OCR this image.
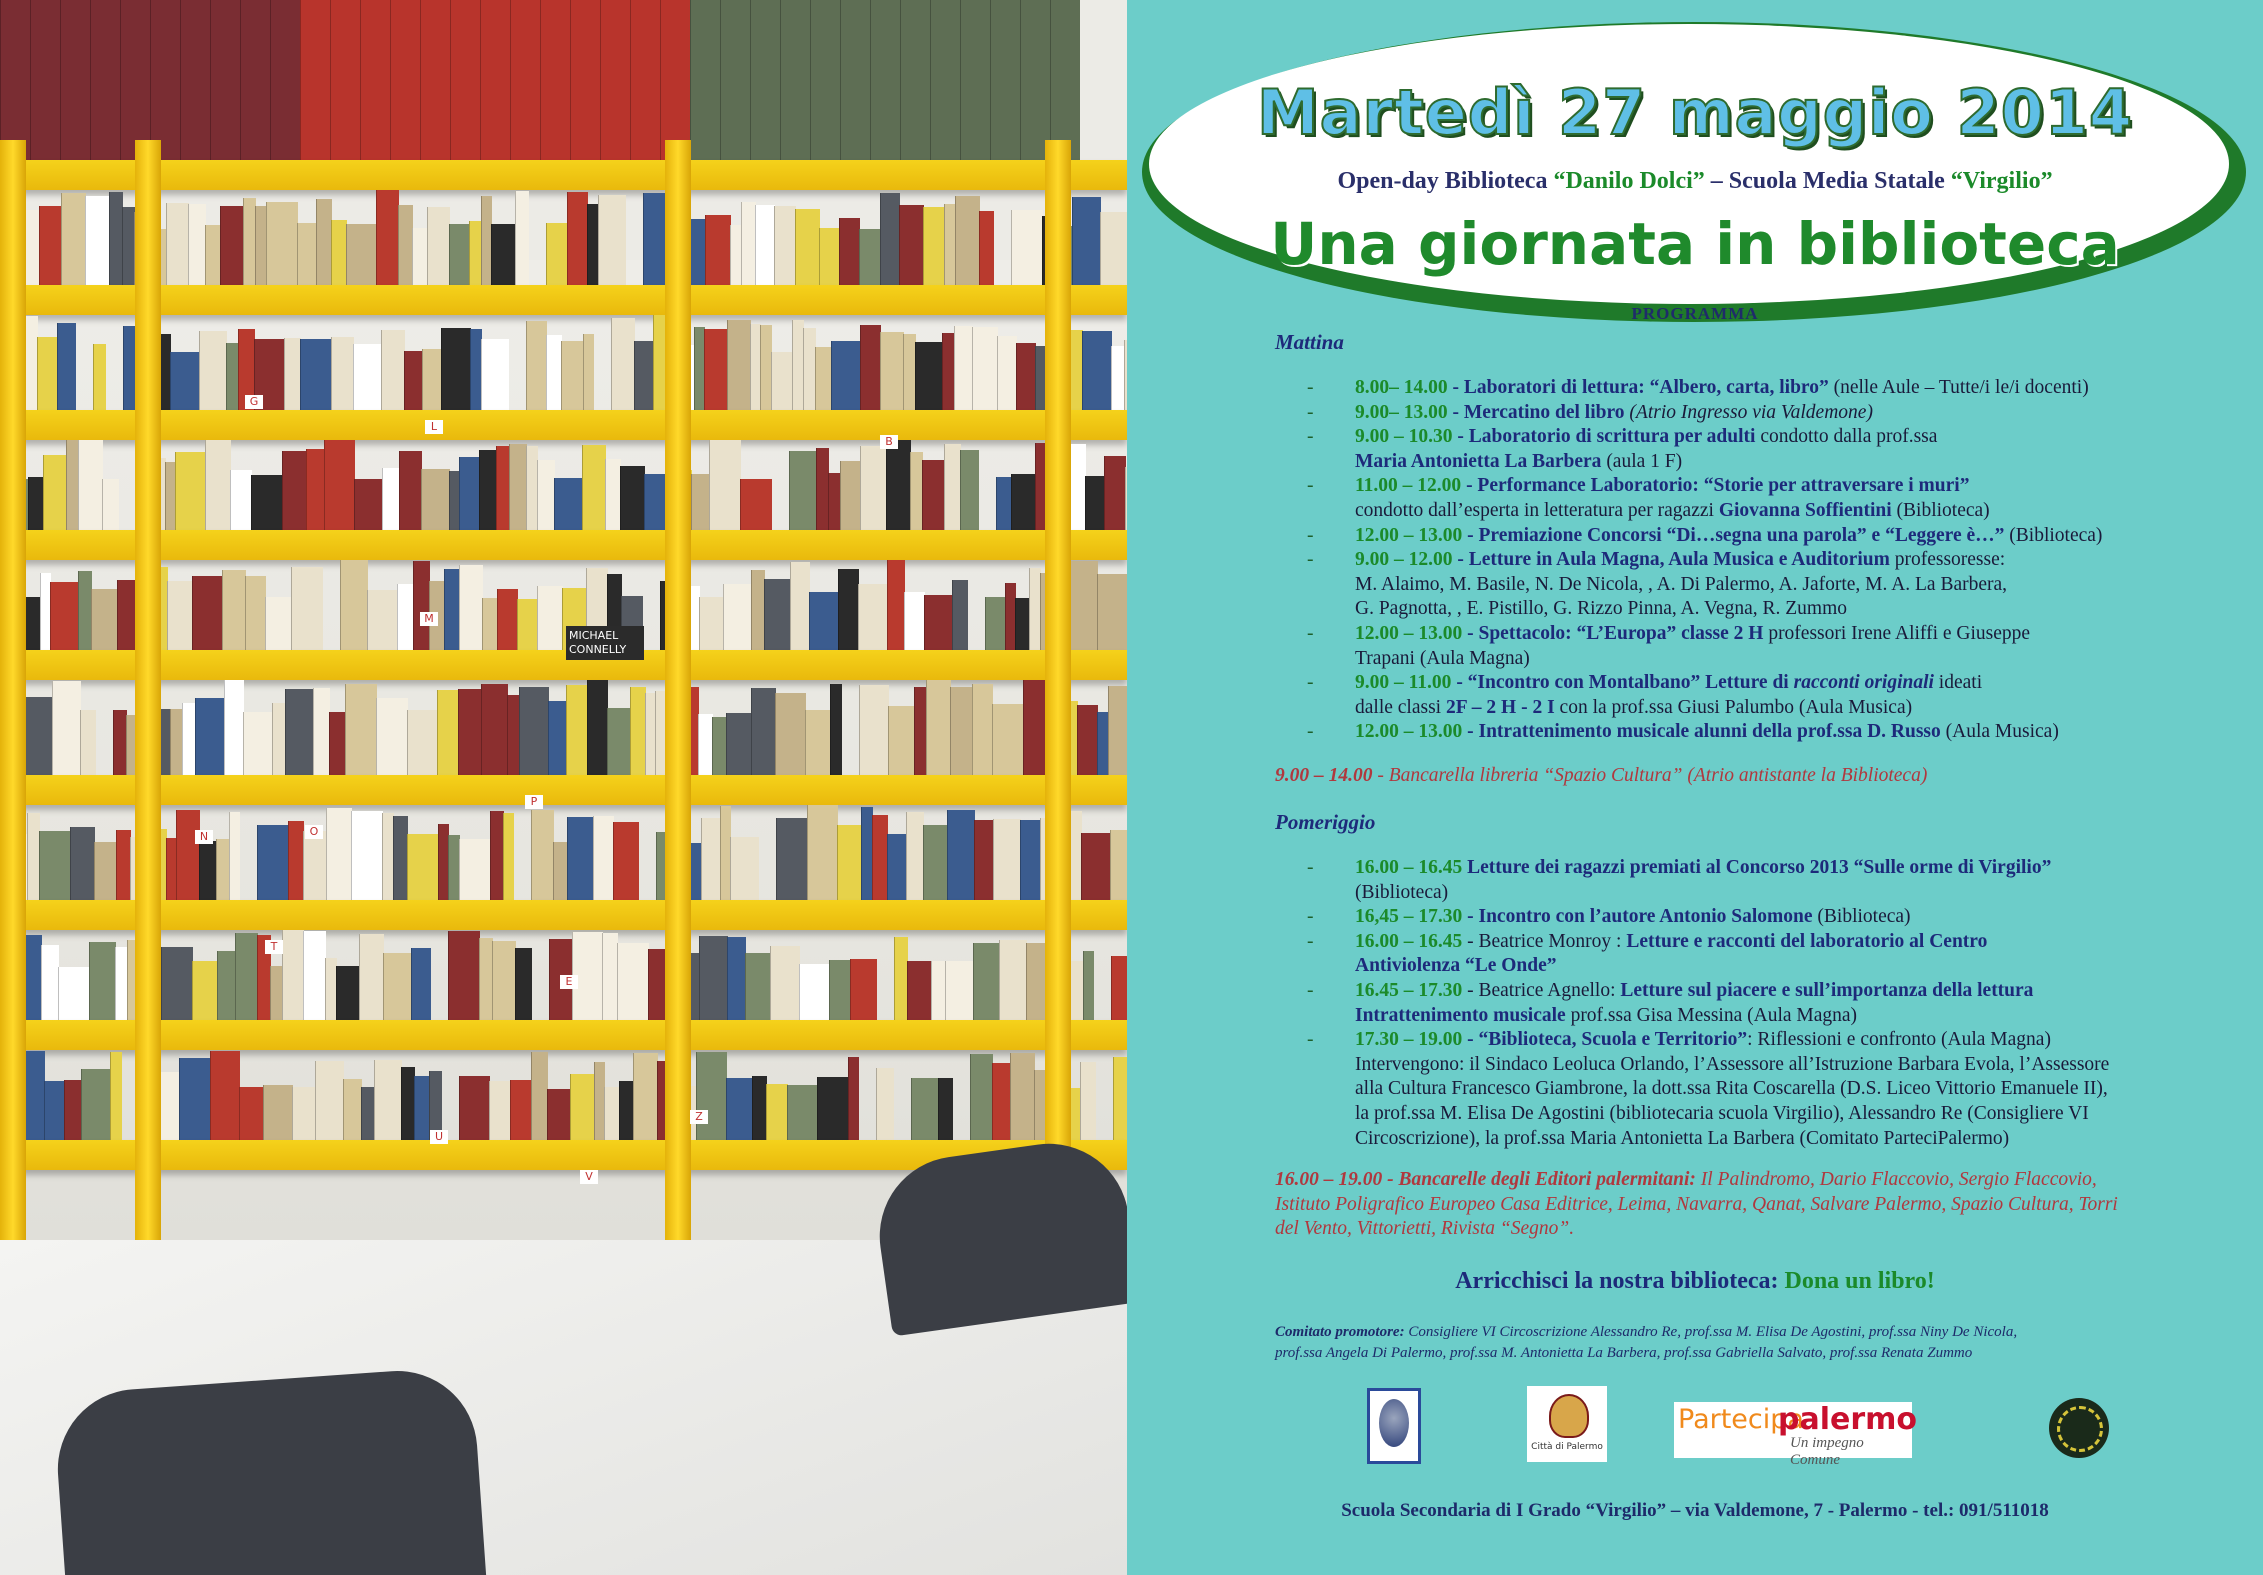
G
L
B
M
N	O
P
E
T
U
V
Z
MICHAEL CONNELLY
Martedì 27 maggio 2014
Open-day Biblioteca “Danilo Dolci” – Scuola Media Statale “Virgilio”
Una giornata in biblioteca
PROGRAMMA
Mattina
- 8.00– 14.00 - Laboratori di lettura: “Albero, carta, libro” (nelle Aule – Tutte/i le/i docenti)
- 9.00– 13.00 - Mercatino del libro (Atrio Ingresso via Valdemone)
- 9.00 – 10.30 - Laboratorio di scrittura per adulti condotto dalla prof.ssa
Maria Antonietta La Barbera (aula 1 F)
- 11.00 – 12.00 - Performance Laboratorio: “Storie per attraversare i muri”
condotto dall’esperta in letteratura per ragazzi Giovanna Soffientini (Biblioteca)
- 12.00 – 13.00 - Premiazione Concorsi “Di…segna una parola” e “Leggere è…” (Biblioteca)
- 9.00 – 12.00 - Letture in Aula Magna, Aula Musica e Auditorium professoresse:
M. Alaimo, M. Basile, N. De Nicola, , A. Di Palermo, A. Jaforte, M. A. La Barbera,
G. Pagnotta, , E. Pistillo, G. Rizzo Pinna, A. Vegna, R. Zummo
- 12.00 – 13.00 - Spettacolo: “L’Europa” classe 2 H professori Irene Aliffi e Giuseppe
Trapani (Aula Magna)
- 9.00 – 11.00 - “Incontro con Montalbano” Letture di racconti originali ideati
dalle classi 2F – 2 H - 2 I con la prof.ssa Giusi Palumbo (Aula Musica)
- 12.00 – 13.00 - Intrattenimento musicale alunni della prof.ssa D. Russo (Aula Musica)
9.00 – 14.00 - Bancarella libreria “Spazio Cultura” (Atrio antistante la Biblioteca)
Pomeriggio
- 16.00 – 16.45 Letture dei ragazzi premiati al Concorso 2013 “Sulle orme di Virgilio”
(Biblioteca)
- 16,45 – 17.30 - Incontro con l’autore Antonio Salomone (Biblioteca)
- 16.00 – 16.45 - Beatrice Monroy : Letture e racconti del laboratorio al Centro
Antiviolenza “Le Onde”
- 16.45 – 17.30 - Beatrice Agnello: Letture sul piacere e sull’importanza della lettura
Intrattenimento musicale prof.ssa Gisa Messina (Aula Magna)
- 17.30 – 19.00 - “Biblioteca, Scuola e Territorio”: Riflessioni e confronto (Aula Magna)
Intervengono: il Sindaco Leoluca Orlando, l’Assessore all’Istruzione Barbara Evola, l’Assessore
alla Cultura Francesco Giambrone, la dott.ssa Rita Coscarella (D.S. Liceo Vittorio Emanuele II),
la prof.ssa M. Elisa De Agostini (bibliotecaria scuola Virgilio), Alessandro Re (Consigliere VI
Circoscrizione), la prof.ssa Maria Antonietta La Barbera (Comitato ParteciPalermo)
16.00 – 19.00 - Bancarelle degli Editori palermitani: Il Palindromo, Dario Flaccovio, Sergio Flaccovio,
Istituto Poligrafico Europeo Casa Editrice, Leima, Navarra, Qanat, Salvare Palermo, Spazio Cultura, Torri
del Vento, Vittorietti, Rivista “Segno”.
Arricchisci la nostra biblioteca: Dona un libro!
Comitato promotore: Consigliere VI Circoscrizione Alessandro Re, prof.ssa M. Elisa De Agostini, prof.ssa Niny De Nicola,
prof.ssa Angela Di Palermo, prof.ssa M. Antonietta La Barbera, prof.ssa Gabriella Salvato, prof.ssa Renata Zummo
Città di Palermo
Partecipa
palermo
Un impegno Comune
Scuola Secondaria di I Grado “Virgilio” – via Valdemone, 7 - Palermo - tel.: 091/511018
